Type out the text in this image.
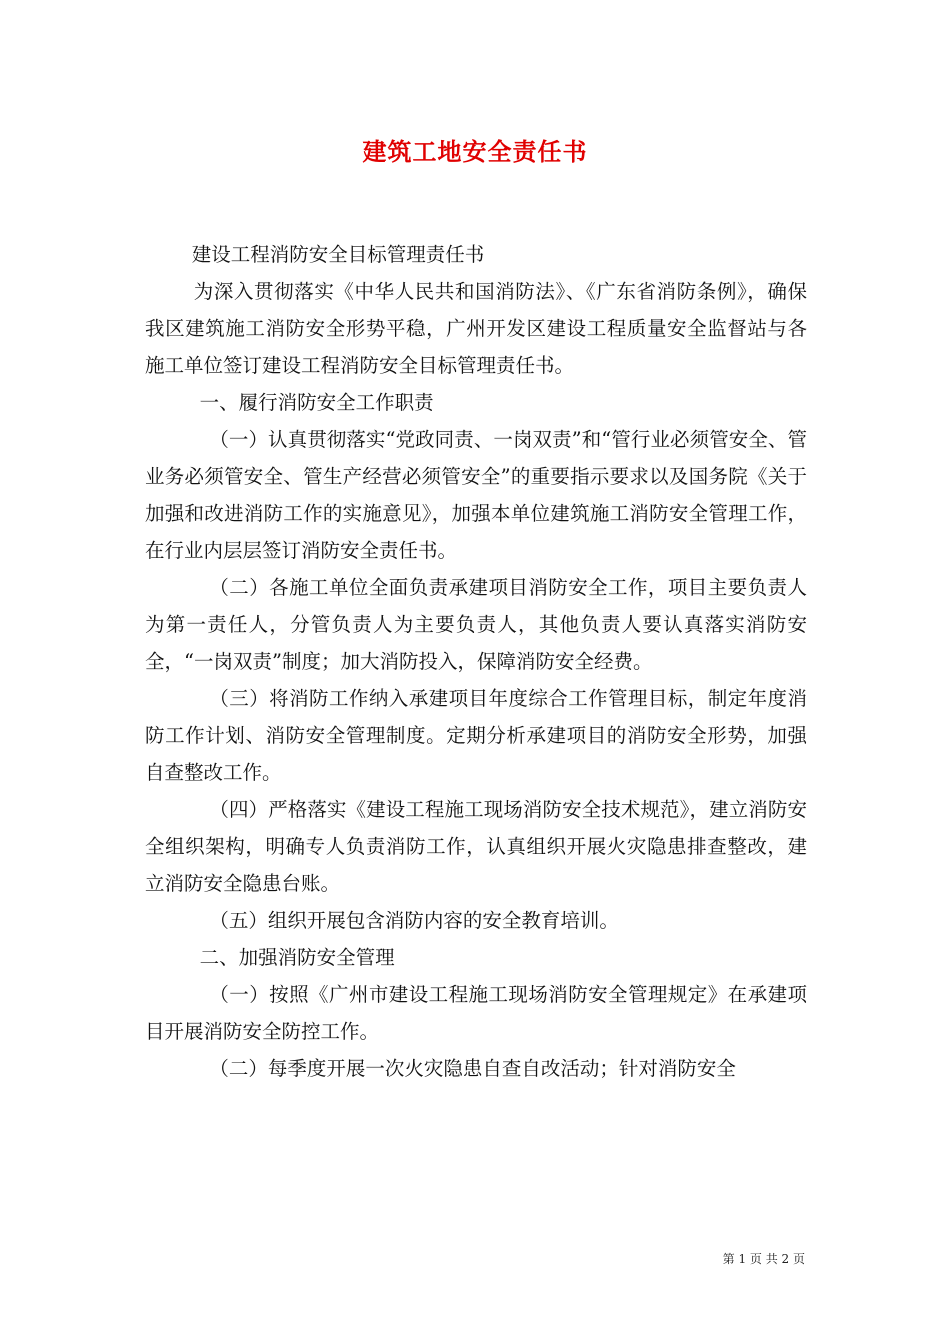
建筑工地安全责任书

建设工程消防安全目标管理责任书

为深入贯彻落实《中华人民共和国消防法》、《广东省消防条例》，确保我区建筑施工消防安全形势平稳，广州开发区建设工程质量安全监督站与各施工单位签订建设工程消防安全目标管理责任书。

一、履行消防安全工作职责

（一）认真贯彻落实“党政同责、一岗双责”和“管行业必须管安全、管业务必须管安全、管生产经营必须管安全”的重要指示要求以及国务院《关于加强和改进消防工作的实施意见》，加强本单位建筑施工消防安全管理工作，在行业内层层签订消防安全责任书。

（二）各施工单位全面负责承建项目消防安全工作，项目主要负责人为第一责任人，分管负责人为主要负责人，其他负责人要认真落实消防安全，“一岗双责”制度；加大消防投入，保障消防安全经费。

（三）将消防工作纳入承建项目年度综合工作管理目标，制定年度消防工作计划、消防安全管理制度。定期分析承建项目的消防安全形势，加强自查整改工作。

（四）严格落实《建设工程施工现场消防安全技术规范》，建立消防安全组织架构，明确专人负责消防工作，认真组织开展火灾隐患排查整改，建立消防安全隐患台账。

（五）组织开展包含消防内容的安全教育培训。

二、加强消防安全管理

（一）按照《广州市建设工程施工现场消防安全管理规定》在承建项目开展消防安全防控工作。

（二）每季度开展一次火灾隐患自查自改活动；针对消防安全

第 1 页 共 2 页
